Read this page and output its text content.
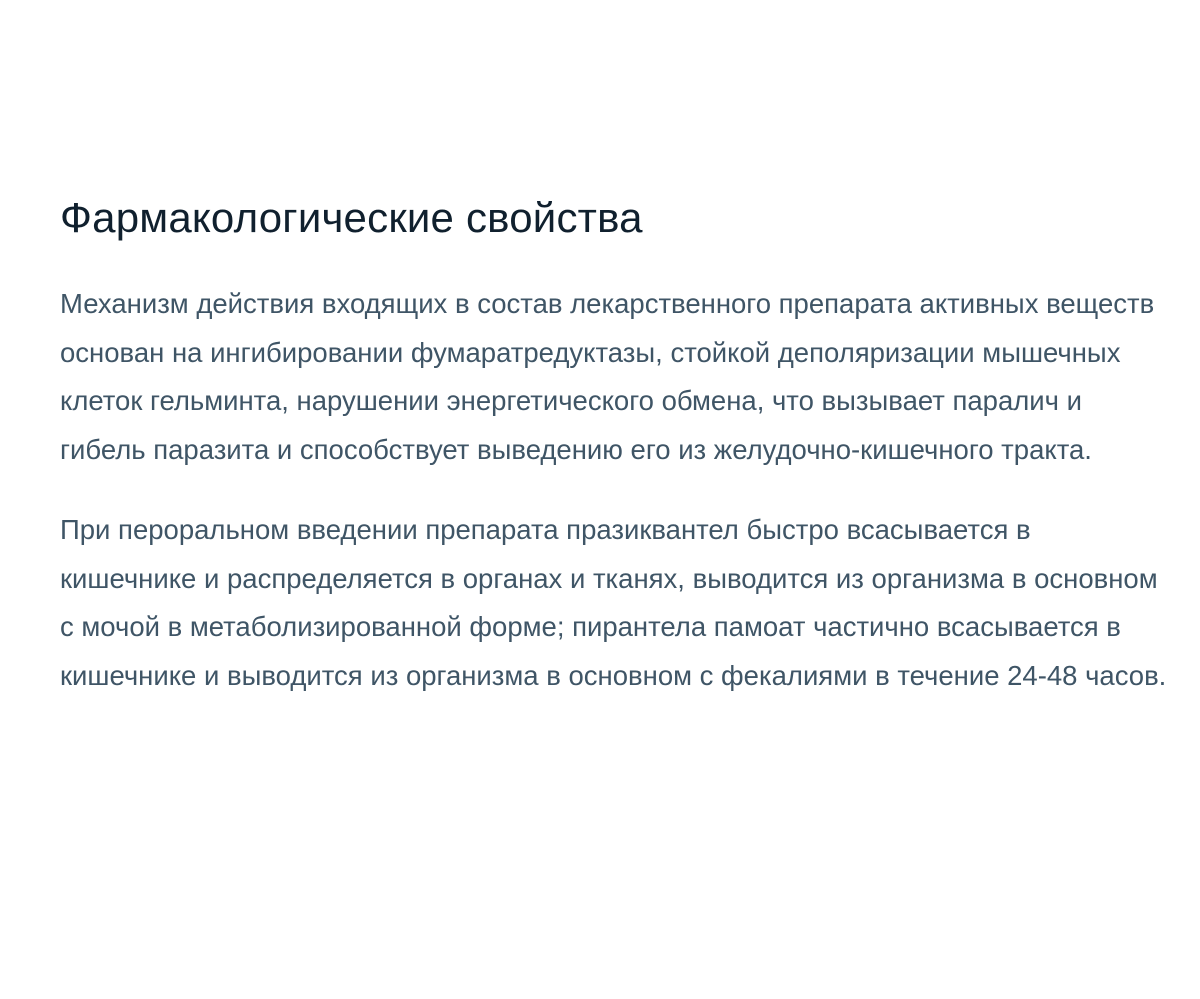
Фармакологические свойства

Механизм действия входящих в состав лекарственного препарата активных веществ основан на ингибировании фумаратредуктазы, стойкой деполяризации мышечных клеток гельминта, нарушении энергетического обмена, что вызывает паралич и гибель паразита и способствует выведению его из желудочно-кишечного тракта.

При пероральном введении препарата празиквантел быстро всасывается в кишечнике и распределяется в органах и тканях, выводится из организма в основном с мочой в метаболизированной форме; пирантела памоат частично всасывается в кишечнике и выводится из организма в основном с фекалиями в течение 24-48 часов.
